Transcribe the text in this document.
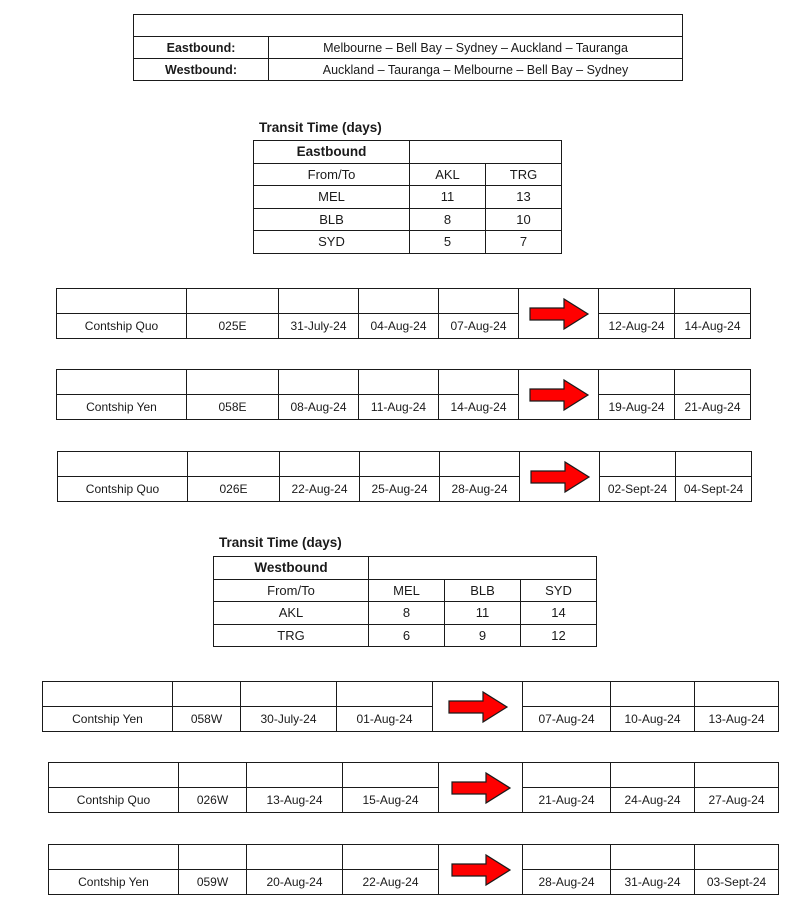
Port Rotation	
Eastbound:	Melbourne – Bell Bay – Sydney – Auckland – Tauranga
Westbound:	Auckland – Tauranga – Melbourne – Bell Bay – Sydney
Transit Time (days)
Eastbound		
From/To	AKL	TRG
MEL	11	13
BLB	8	10
SYD	5	7
Transit Time (days)
Westbound			
From/To	MEL	BLB	SYD
AKL	8	11	14
TRG	6	9	12
Vessel	Voyage	Melbourne	Bell Bay	Sydney		Auckland	Tauranga
Contship Quo	025E	31-July-24	04-Aug-24	07-Aug-24		12-Aug-24	14-Aug-24
Vessel	Voyage	Melbourne	Bell Bay	Sydney		Auckland	Tauranga
Contship Yen	058E	08-Aug-24	11-Aug-24	14-Aug-24		19-Aug-24	21-Aug-24
Vessel	Voyage	Melbourne	Bell Bay	Sydney		Auckland	Tauranga
Contship Quo	026E	22-Aug-24	25-Aug-24	28-Aug-24		02-Sept-24	04-Sept-24
Vessel	Voyage	Auckland	Tauranga		Melbourne	Bell Bay	Sydney
Contship Yen	058W	30-July-24	01-Aug-24		07-Aug-24	10-Aug-24	13-Aug-24
Vessel	Voyage	Auckland	Tauranga		Melbourne	Bell Bay	Sydney
Contship Quo	026W	13-Aug-24	15-Aug-24		21-Aug-24	24-Aug-24	27-Aug-24
Vessel	Voyage	Auckland	Tauranga		Melbourne	Bell Bay	Sydney
Contship Yen	059W	20-Aug-24	22-Aug-24		28-Aug-24	31-Aug-24	03-Sept-24
